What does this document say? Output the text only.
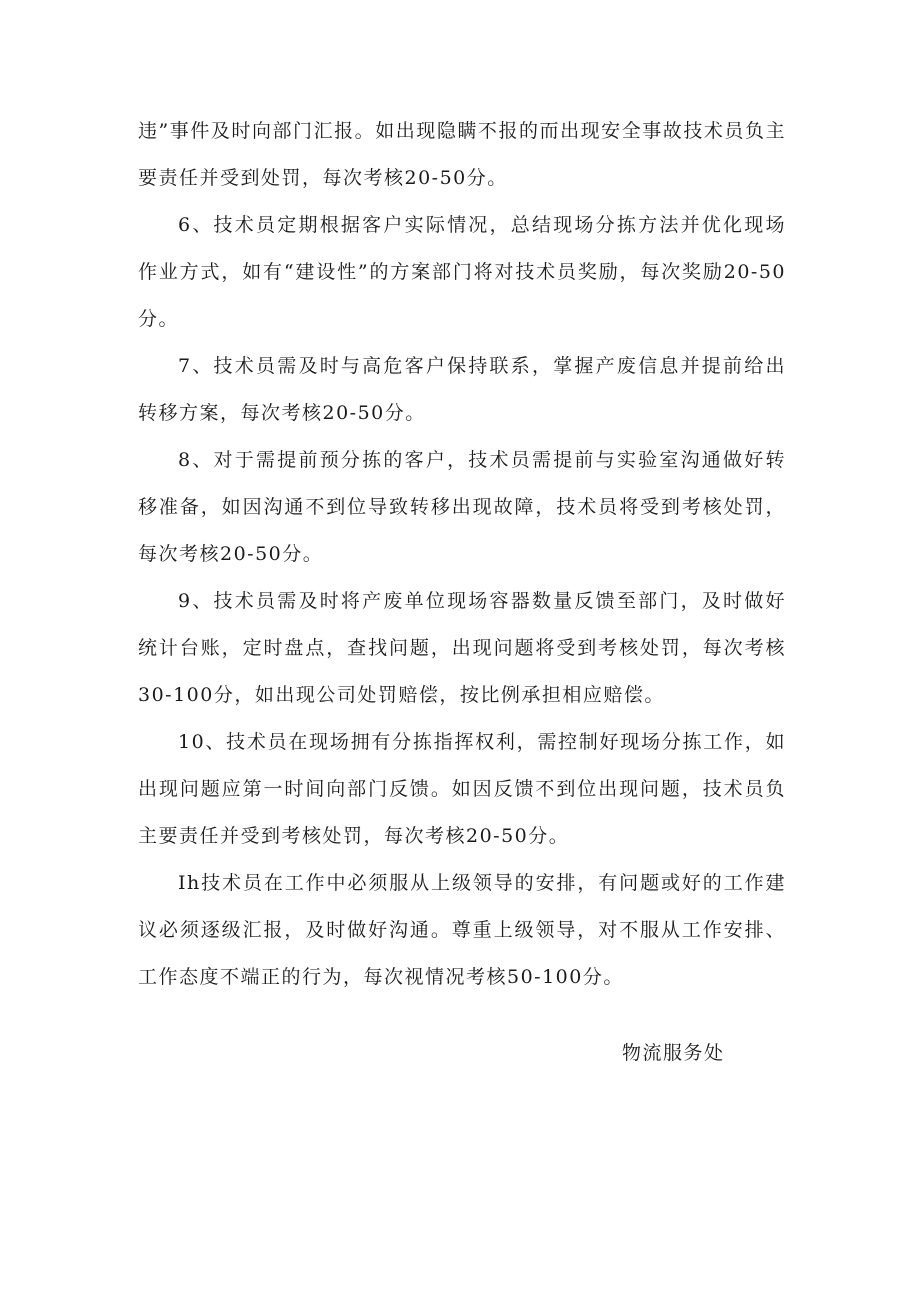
违”事件及时向部门汇报。如出现隐瞒不报的而出现安全事故技术员负主要责任并受到处罚，每次考核20-50分。

6、技术员定期根据客户实际情况，总结现场分拣方法并优化现场作业方式，如有“建设性”的方案部门将对技术员奖励，每次奖励20-50分。

7、技术员需及时与高危客户保持联系，掌握产废信息并提前给出转移方案，每次考核20-50分。

8、对于需提前预分拣的客户，技术员需提前与实验室沟通做好转移准备，如因沟通不到位导致转移出现故障，技术员将受到考核处罚，每次考核20-50分。

9、技术员需及时将产废单位现场容器数量反馈至部门，及时做好统计台账，定时盘点，查找问题，出现问题将受到考核处罚，每次考核30-100分，如出现公司处罚赔偿，按比例承担相应赔偿。

10、技术员在现场拥有分拣指挥权利，需控制好现场分拣工作，如出现问题应第一时间向部门反馈。如因反馈不到位出现问题，技术员负主要责任并受到考核处罚，每次考核20-50分。

Ih技术员在工作中必须服从上级领导的安排，有问题或好的工作建议必须逐级汇报，及时做好沟通。尊重上级领导，对不服从工作安排、工作态度不端正的行为，每次视情况考核50-100分。

物流服务处
